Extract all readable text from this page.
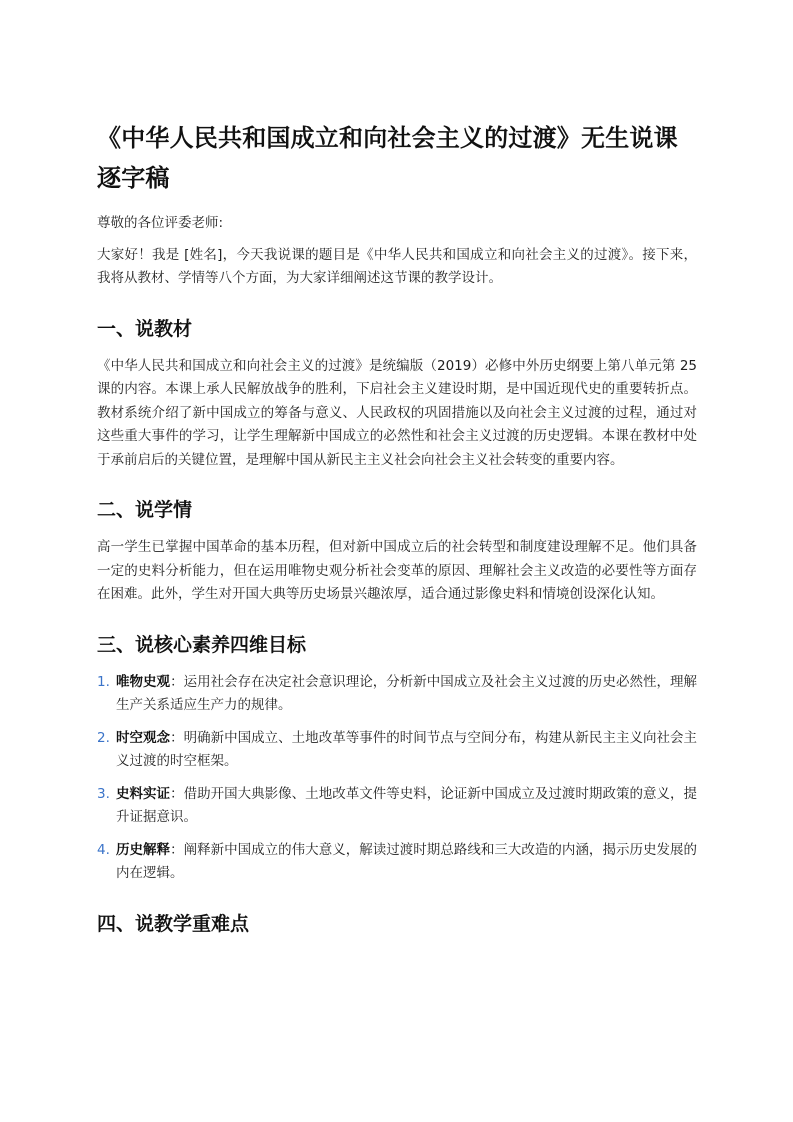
《中华人民共和国成立和向社会主义的过渡》无生说课逐字稿

尊敬的各位评委老师:

大家好！我是 [姓名]，今天我说课的题目是《中华人民共和国成立和向社会主义的过渡》。接下来，我将从教材、学情等八个方面，为大家详细阐述这节课的教学设计。

一、说教材

《中华人民共和国成立和向社会主义的过渡》是统编版（2019）必修中外历史纲要上第八单元第 25 课的内容。本课上承人民解放战争的胜利，下启社会主义建设时期，是中国近现代史的重要转折点。教材系统介绍了新中国成立的筹备与意义、人民政权的巩固措施以及向社会主义过渡的过程，通过对这些重大事件的学习，让学生理解新中国成立的必然性和社会主义过渡的历史逻辑。本课在教材中处于承前启后的关键位置，是理解中国从新民主主义社会向社会主义社会转变的重要内容。

二、说学情

高一学生已掌握中国革命的基本历程，但对新中国成立后的社会转型和制度建设理解不足。他们具备一定的史料分析能力，但在运用唯物史观分析社会变革的原因、理解社会主义改造的必要性等方面存在困难。此外，学生对开国大典等历史场景兴趣浓厚，适合通过影像史料和情境创设深化认知。

三、说核心素养四维目标
1. 唯物史观：运用社会存在决定社会意识理论，分析新中国成立及社会主义过渡的历史必然性，理解生产关系适应生产力的规律。
2. 时空观念：明确新中国成立、土地改革等事件的时间节点与空间分布，构建从新民主主义向社会主义过渡的时空框架。
3. 史料实证：借助开国大典影像、土地改革文件等史料，论证新中国成立及过渡时期政策的意义，提升证据意识。
4. 历史解释：阐释新中国成立的伟大意义，解读过渡时期总路线和三大改造的内涵，揭示历史发展的内在逻辑。
四、说教学重难点
